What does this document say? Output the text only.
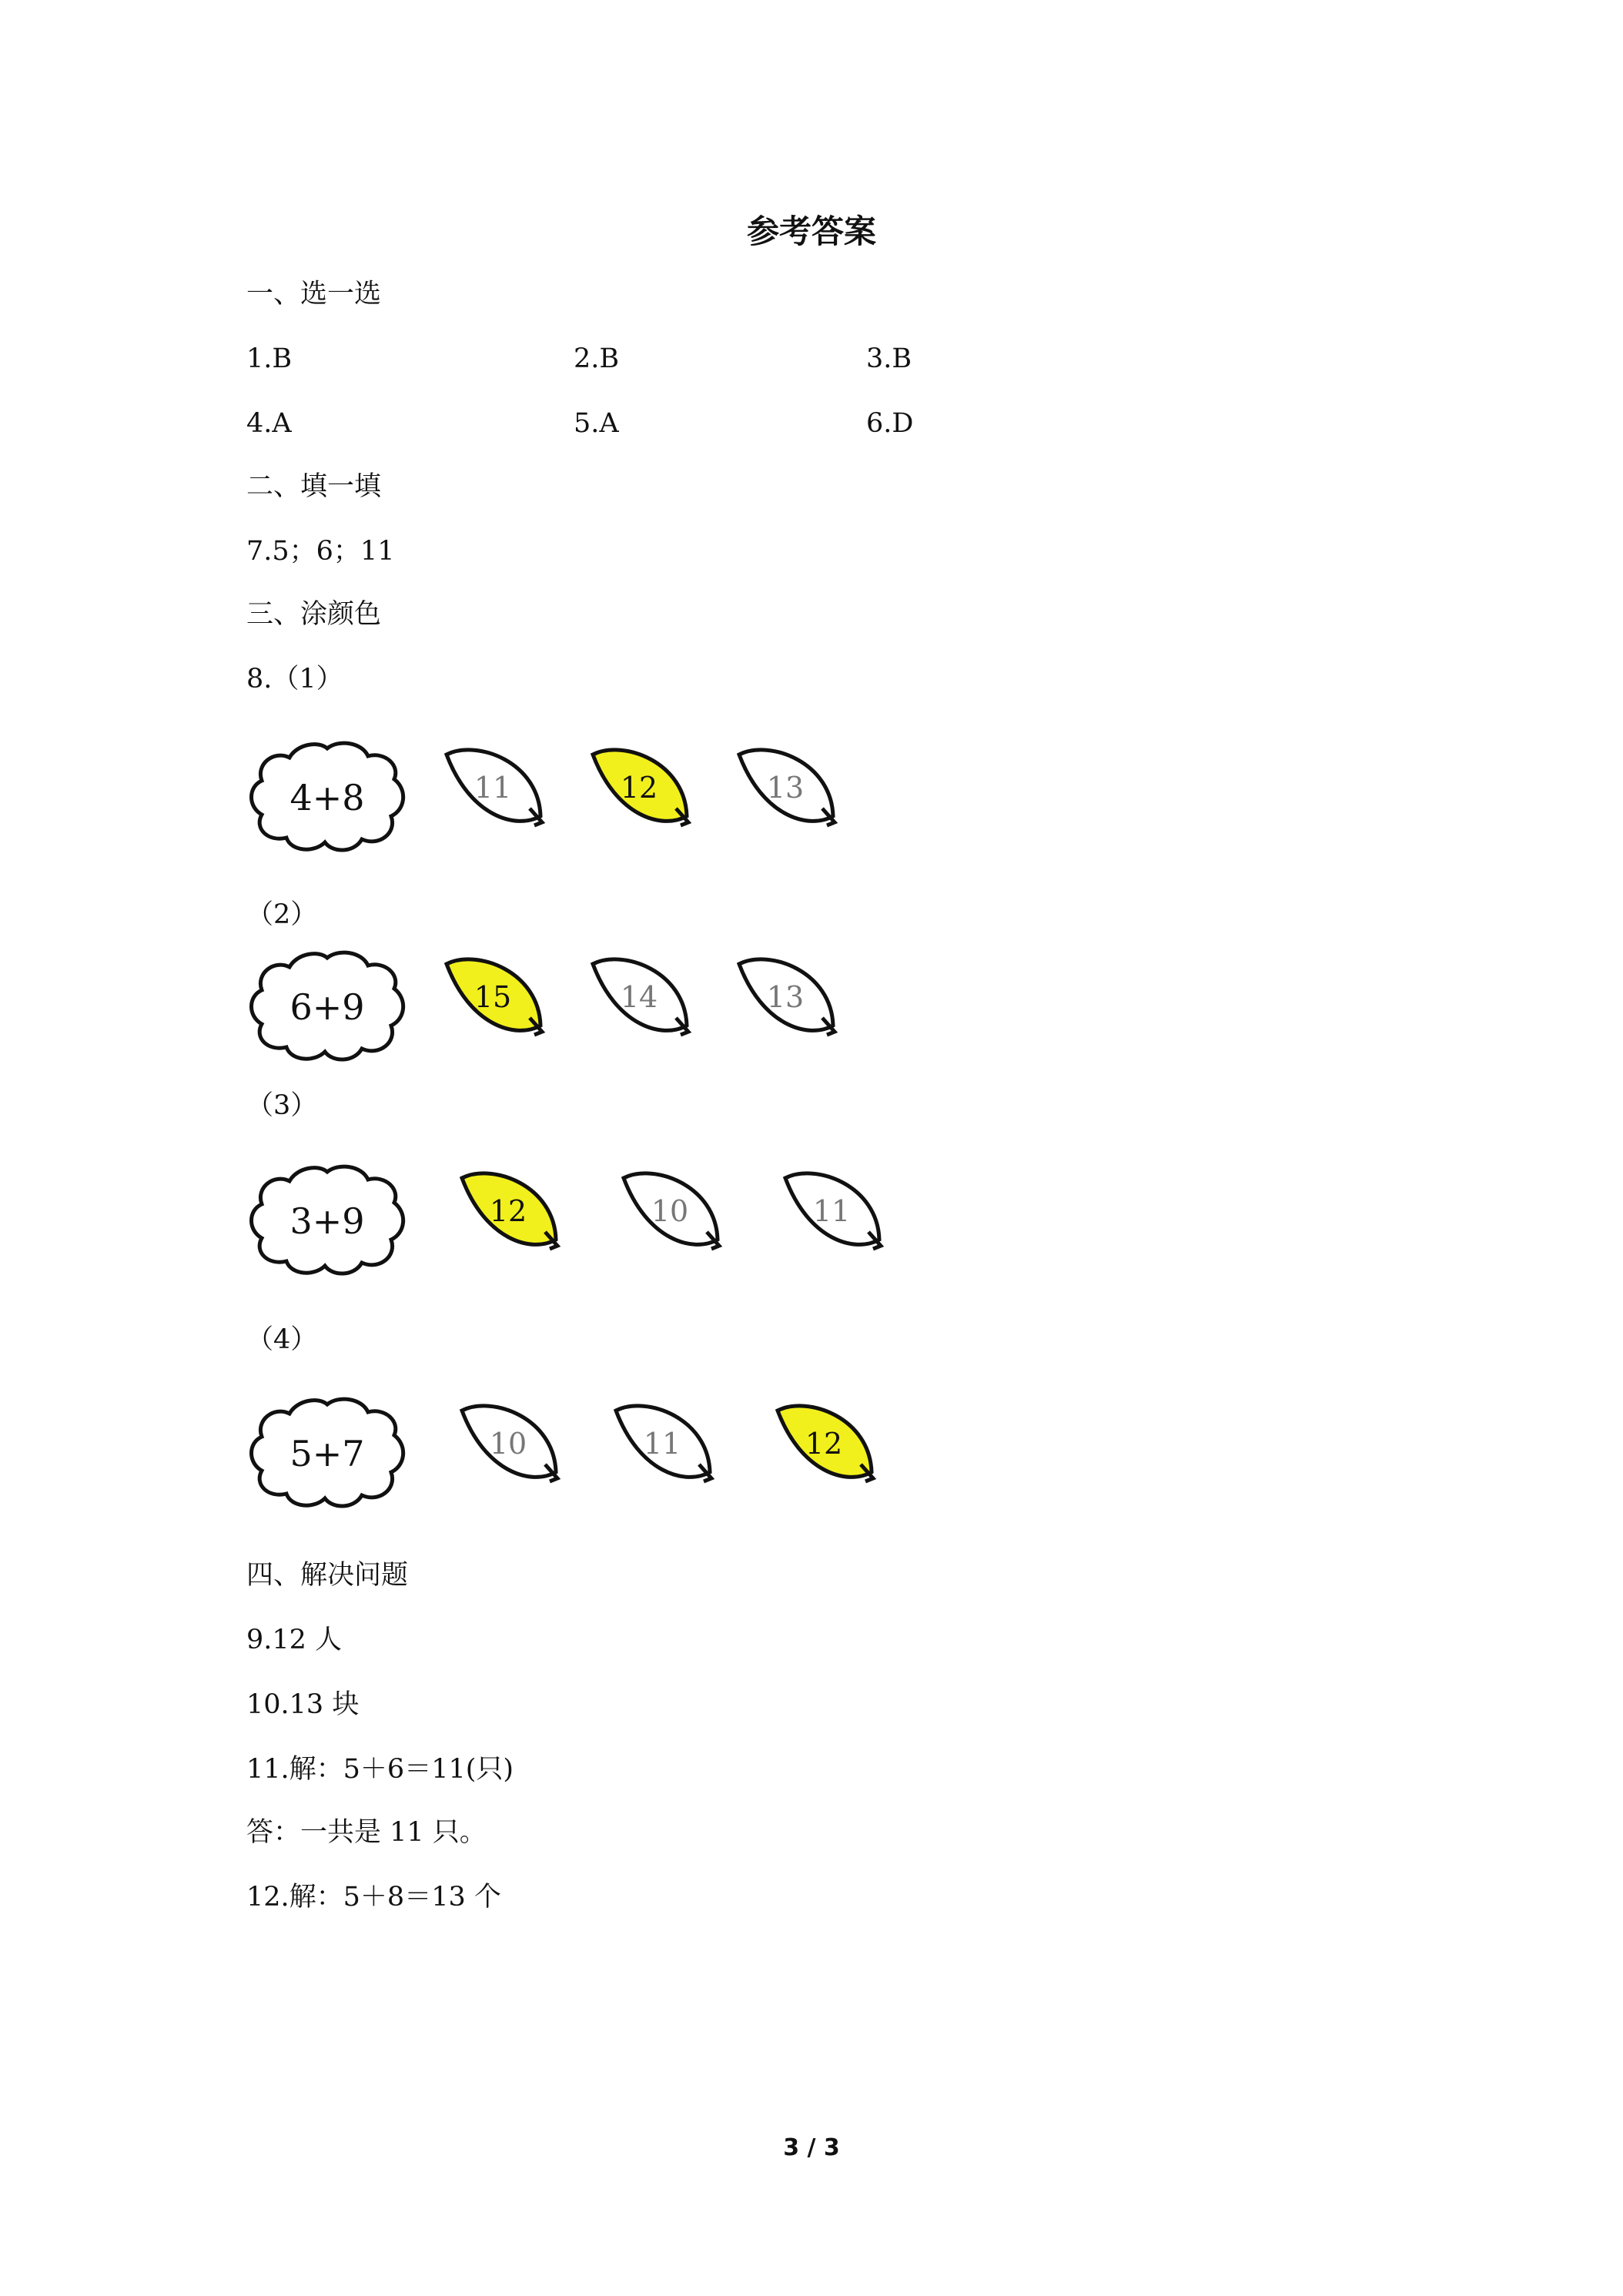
参考答案
一、选一选
1.B	2.B	3.B
4.A	5.A	6.D
二、填一填
7.5；6；11
三、涂颜色
8.（1）
4+8	11	12	13
（2）
6+9	15	14	13
（3）
3+9	12	10	11
（4）
5+7	10	11	12
四、解决问题
9.12 人
10.13 块
11.解：5＋6＝11(只)
答：一共是 11 只。
12.解：5＋8＝13 个
3 / 3
